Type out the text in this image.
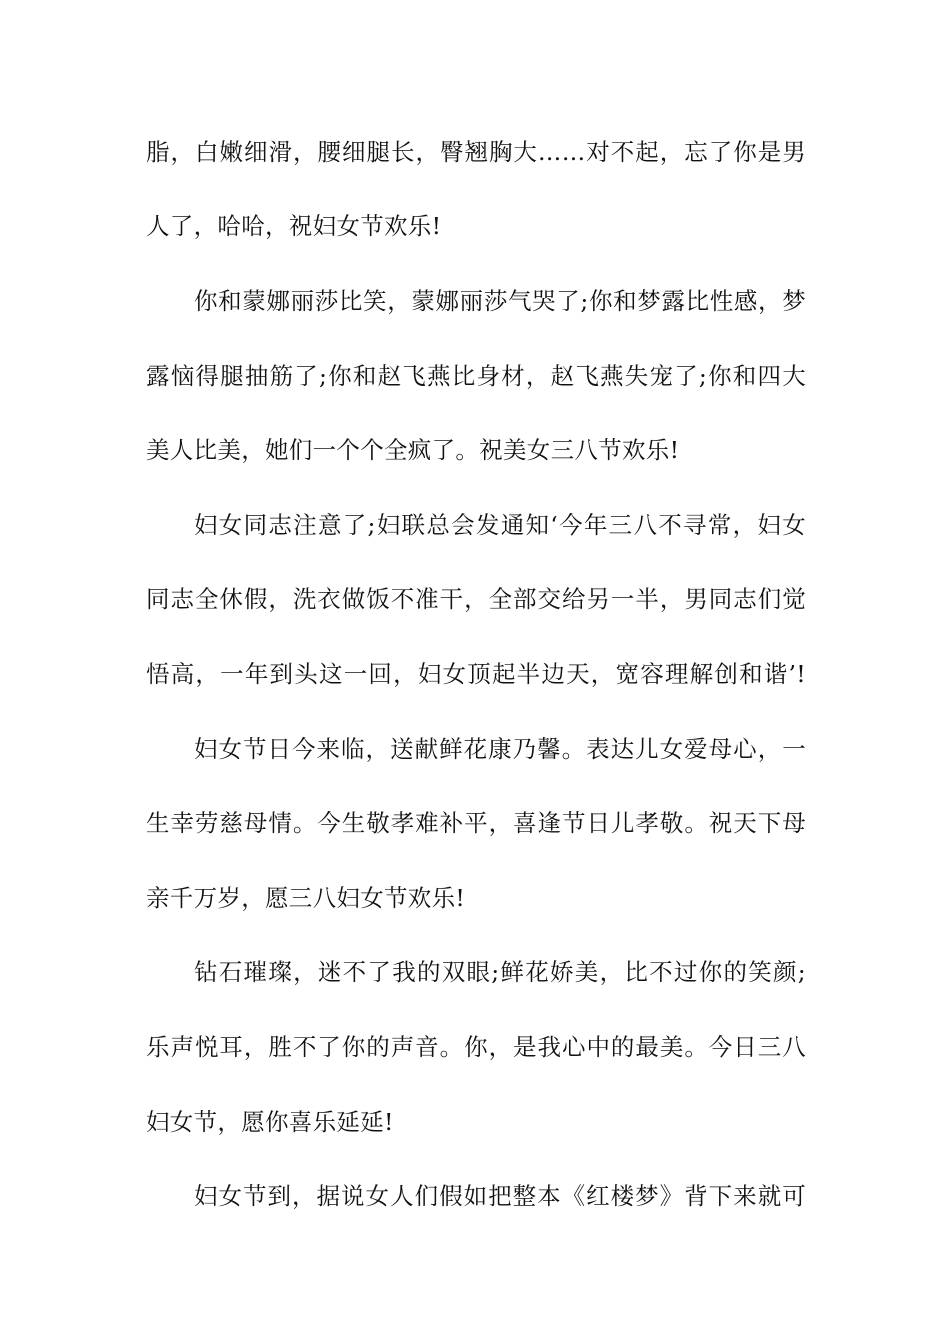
脂，白嫩细滑，腰细腿长，臀翘胸大……对不起，忘了你是男
人了，哈哈，祝妇女节欢乐!
你和蒙娜丽莎比笑，蒙娜丽莎气哭了;你和梦露比性感，梦
露恼得腿抽筋了;你和赵飞燕比身材，赵飞燕失宠了;你和四大
美人比美，她们一个个全疯了。祝美女三八节欢乐!
妇女同志注意了;妇联总会发通知‘今年三八不寻常，妇女
同志全休假，洗衣做饭不准干，全部交给另一半，男同志们觉
悟高，一年到头这一回，妇女顶起半边天，宽容理解创和谐’!
妇女节日今来临，送献鲜花康乃馨。表达儿女爱母心，一
生幸劳慈母情。今生敬孝难补平，喜逢节日儿孝敬。祝天下母
亲千万岁，愿三八妇女节欢乐!
钻石璀璨，迷不了我的双眼;鲜花娇美，比不过你的笑颜;
乐声悦耳，胜不了你的声音。你，是我心中的最美。今日三八
妇女节，愿你喜乐延延!
妇女节到，据说女人们假如把整本《红楼梦》背下来就可
